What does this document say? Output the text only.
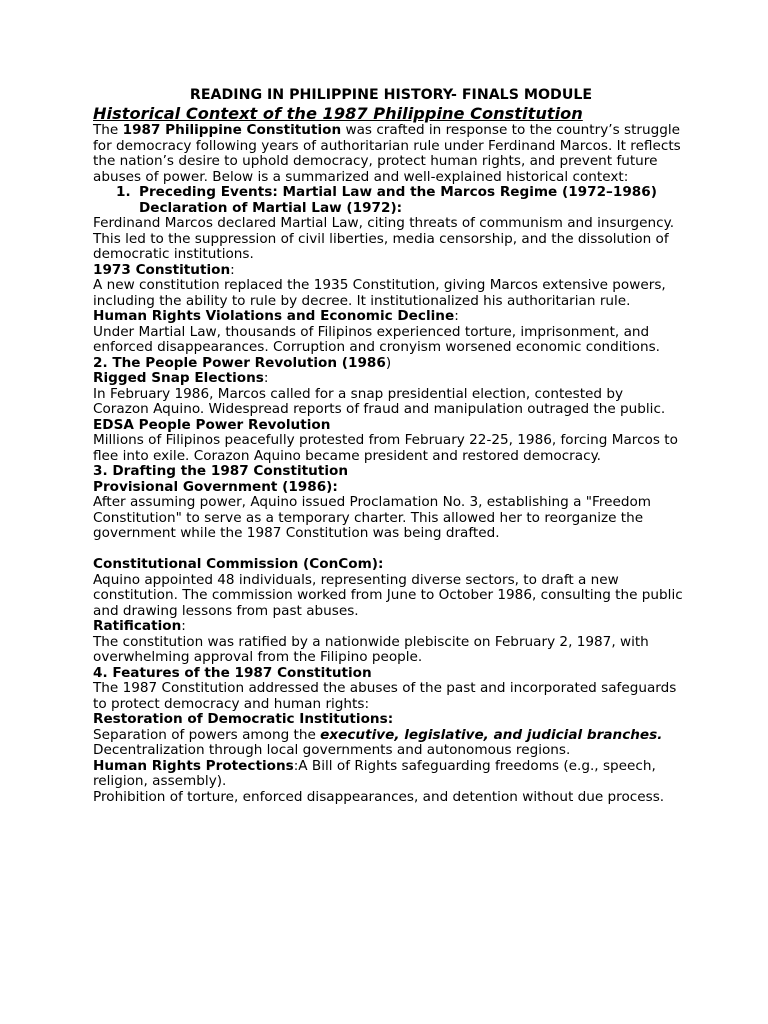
READING IN PHILIPPINE HISTORY- FINALS MODULE

Historical Context of the 1987 Philippine Constitution

The 1987 Philippine Constitution was crafted in response to the country’s struggle for democracy following years of authoritarian rule under Ferdinand Marcos. It reflects the nation’s desire to uphold democracy, protect human rights, and prevent future abuses of power. Below is a summarized and well-explained historical context:

1. Preceding Events: Martial Law and the Marcos Regime (1972–1986)

Declaration of Martial Law (1972):

Ferdinand Marcos declared Martial Law, citing threats of communism and insurgency. This led to the suppression of civil liberties, media censorship, and the dissolution of democratic institutions.

1973 Constitution:

A new constitution replaced the 1935 Constitution, giving Marcos extensive powers, including the ability to rule by decree. It institutionalized his authoritarian rule.

Human Rights Violations and Economic Decline:

Under Martial Law, thousands of Filipinos experienced torture, imprisonment, and enforced disappearances. Corruption and cronyism worsened economic conditions.

2. The People Power Revolution (1986)

Rigged Snap Elections:

In February 1986, Marcos called for a snap presidential election, contested by Corazon Aquino. Widespread reports of fraud and manipulation outraged the public.

EDSA People Power Revolution

Millions of Filipinos peacefully protested from February 22-25, 1986, forcing Marcos to flee into exile. Corazon Aquino became president and restored democracy.

3. Drafting the 1987 Constitution

Provisional Government (1986):

After assuming power, Aquino issued Proclamation No. 3, establishing a "Freedom Constitution" to serve as a temporary charter. This allowed her to reorganize the government while the 1987 Constitution was being drafted.

Constitutional Commission (ConCom):

Aquino appointed 48 individuals, representing diverse sectors, to draft a new constitution. The commission worked from June to October 1986, consulting the public and drawing lessons from past abuses.

Ratification:

The constitution was ratified by a nationwide plebiscite on February 2, 1987, with overwhelming approval from the Filipino people.

4. Features of the 1987 Constitution

The 1987 Constitution addressed the abuses of the past and incorporated safeguards to protect democracy and human rights:

Restoration of Democratic Institutions:

Separation of powers among the executive, legislative, and judicial branches.

Decentralization through local governments and autonomous regions.

Human Rights Protections:A Bill of Rights safeguarding freedoms (e.g., speech, religion, assembly).

Prohibition of torture, enforced disappearances, and detention without due process.
